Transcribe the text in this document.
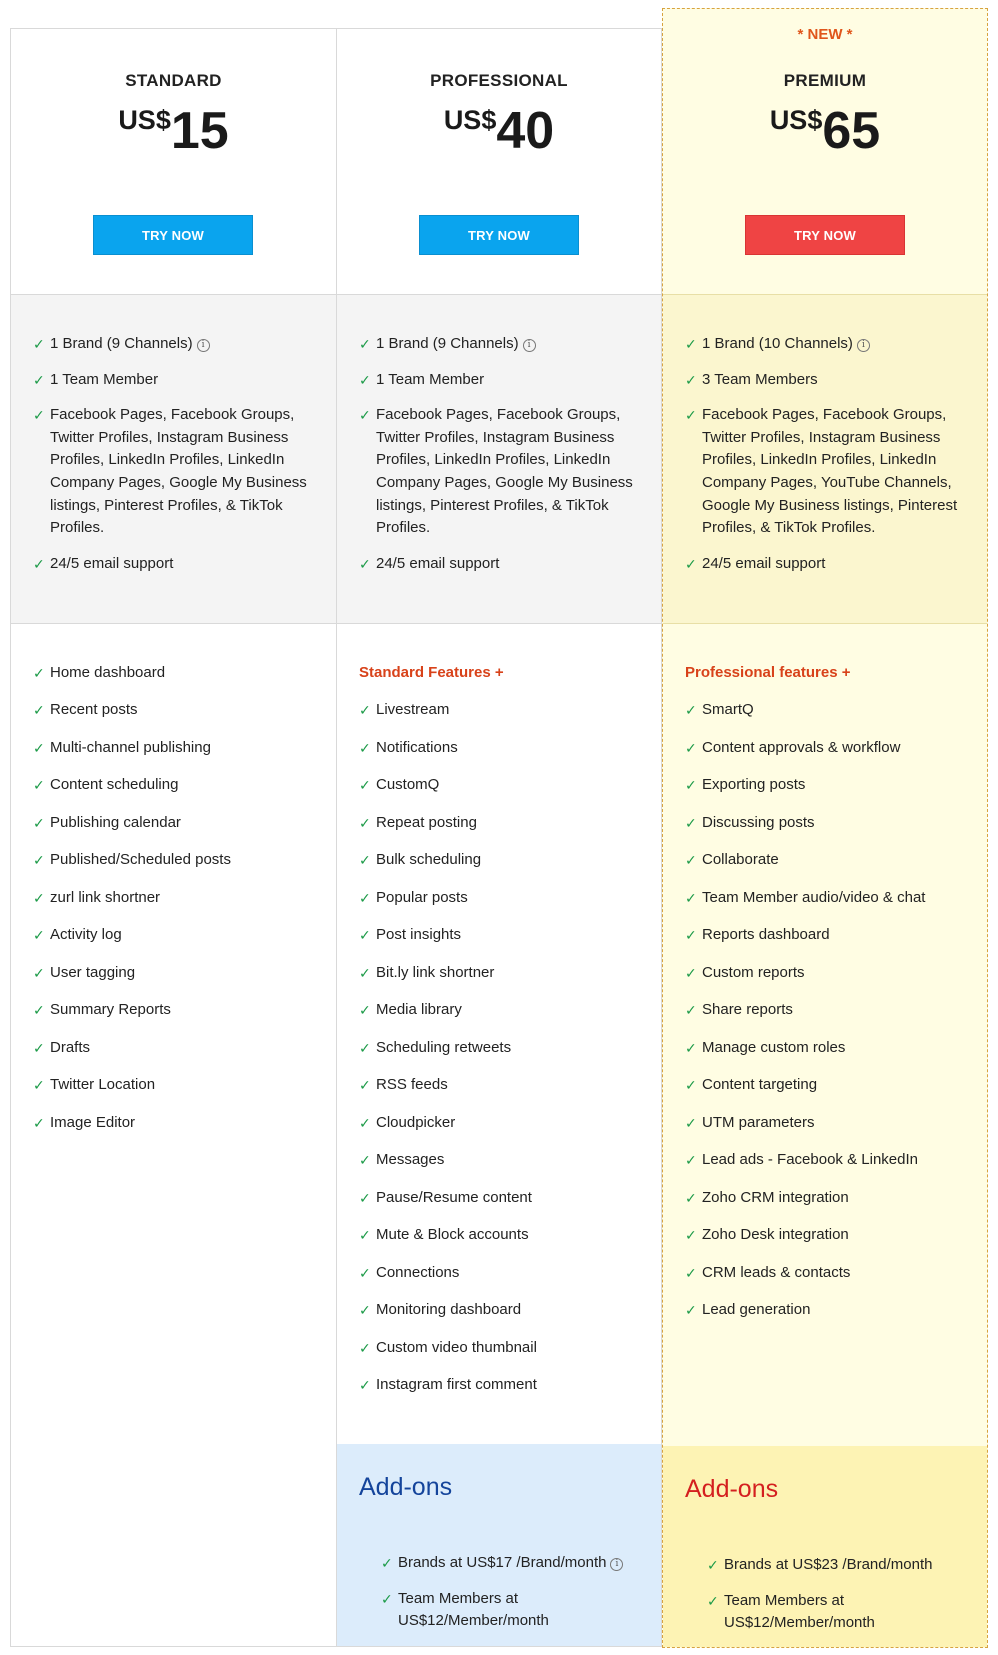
STANDARD
US$15
TRY NOW
✓ 1 Brand (9 Channels) i
✓ 1 Team Member
✓ Facebook Pages, Facebook Groups, Twitter Profiles, Instagram Business Profiles, LinkedIn Profiles, LinkedIn Company Pages, Google My Business listings, Pinterest Profiles, & TikTok Profiles.
✓ 24/5 email support
✓ Home dashboard
✓ Recent posts
✓ Multi-channel publishing
✓ Content scheduling
✓ Publishing calendar
✓ Published/Scheduled posts
✓ zurl link shortner
✓ Activity log
✓ User tagging
✓ Summary Reports
✓ Drafts
✓ Twitter Location
✓ Image Editor
PROFESSIONAL
US$40
TRY NOW
✓ 1 Brand (9 Channels) i
✓ 1 Team Member
✓ Facebook Pages, Facebook Groups, Twitter Profiles, Instagram Business Profiles, LinkedIn Profiles, LinkedIn Company Pages, Google My Business listings, Pinterest Profiles, & TikTok Profiles.
✓ 24/5 email support
Standard Features +
✓ Livestream
✓ Notifications
✓ CustomQ
✓ Repeat posting
✓ Bulk scheduling
✓ Popular posts
✓ Post insights
✓ Bit.ly link shortner
✓ Media library
✓ Scheduling retweets
✓ RSS feeds
✓ Cloudpicker
✓ Messages
✓ Pause/Resume content
✓ Mute & Block accounts
✓ Connections
✓ Monitoring dashboard
✓ Custom video thumbnail
✓ Instagram first comment
Add-ons
✓ Brands at US$17 /Brand/month i
✓ Team Members at US$12/Member/month
* NEW *
PREMIUM
US$65
TRY NOW
✓ 1 Brand (10 Channels) i
✓ 3 Team Members
✓ Facebook Pages, Facebook Groups, Twitter Profiles, Instagram Business Profiles, LinkedIn Profiles, LinkedIn Company Pages, YouTube Channels, Google My Business listings, Pinterest Profiles, & TikTok Profiles.
✓ 24/5 email support
Professional features +
✓ SmartQ
✓ Content approvals & workflow
✓ Exporting posts
✓ Discussing posts
✓ Collaborate
✓ Team Member audio/video & chat
✓ Reports dashboard
✓ Custom reports
✓ Share reports
✓ Manage custom roles
✓ Content targeting
✓ UTM parameters
✓ Lead ads - Facebook & LinkedIn
✓ Zoho CRM integration
✓ Zoho Desk integration
✓ CRM leads & contacts
✓ Lead generation
Add-ons
✓ Brands at US$23 /Brand/month
✓ Team Members at US$12/Member/month
